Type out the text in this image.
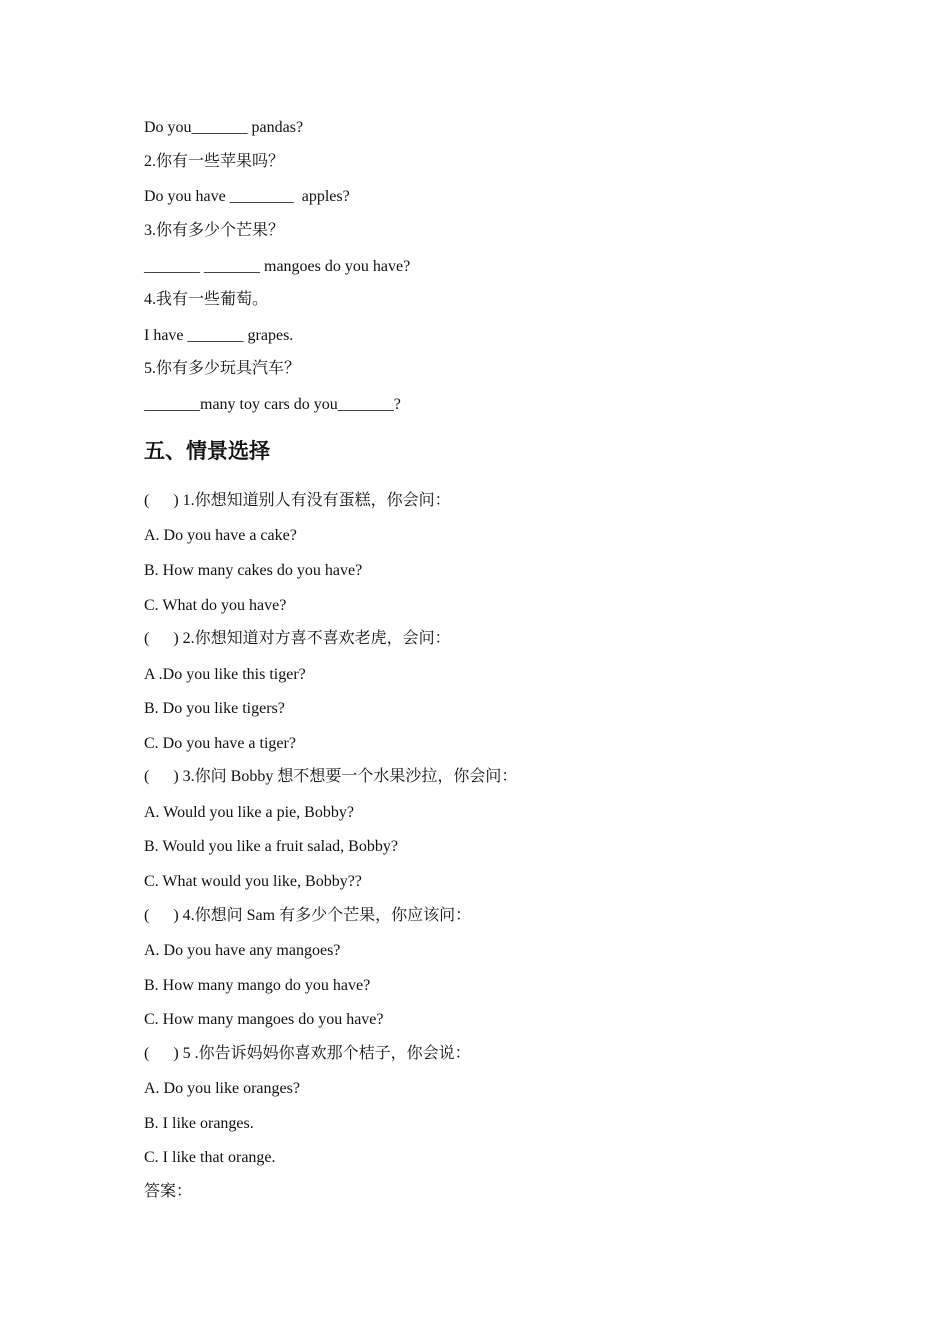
Do you_______ pandas?
2.你有一些苹果吗？
Do you have ________  apples?
3.你有多少个芒果？
_______ _______ mangoes do you have?
4.我有一些葡萄。
I have _______ grapes.
5.你有多少玩具汽车？
_______many toy cars do you_______?
五、情景选择
(      ) 1.你想知道别人有没有蛋糕，你会问：
A. Do you have a cake?
B. How many cakes do you have?
C. What do you have?
(      ) 2.你想知道对方喜不喜欢老虎，会问：
A .Do you like this tiger?
B. Do you like tigers?
C. Do you have a tiger?
(      ) 3.你问 Bobby 想不想要一个水果沙拉，你会问：
A. Would you like a pie, Bobby?
B. Would you like a fruit salad, Bobby?
C. What would you like, Bobby??
(      ) 4.你想问 Sam 有多少个芒果，你应该问：
A. Do you have any mangoes?
B. How many mango do you have?
C. How many mangoes do you have?
(      ) 5 .你告诉妈妈你喜欢那个桔子，你会说：
A. Do you like oranges?
B. I like oranges.
C. I like that orange.
答案：
